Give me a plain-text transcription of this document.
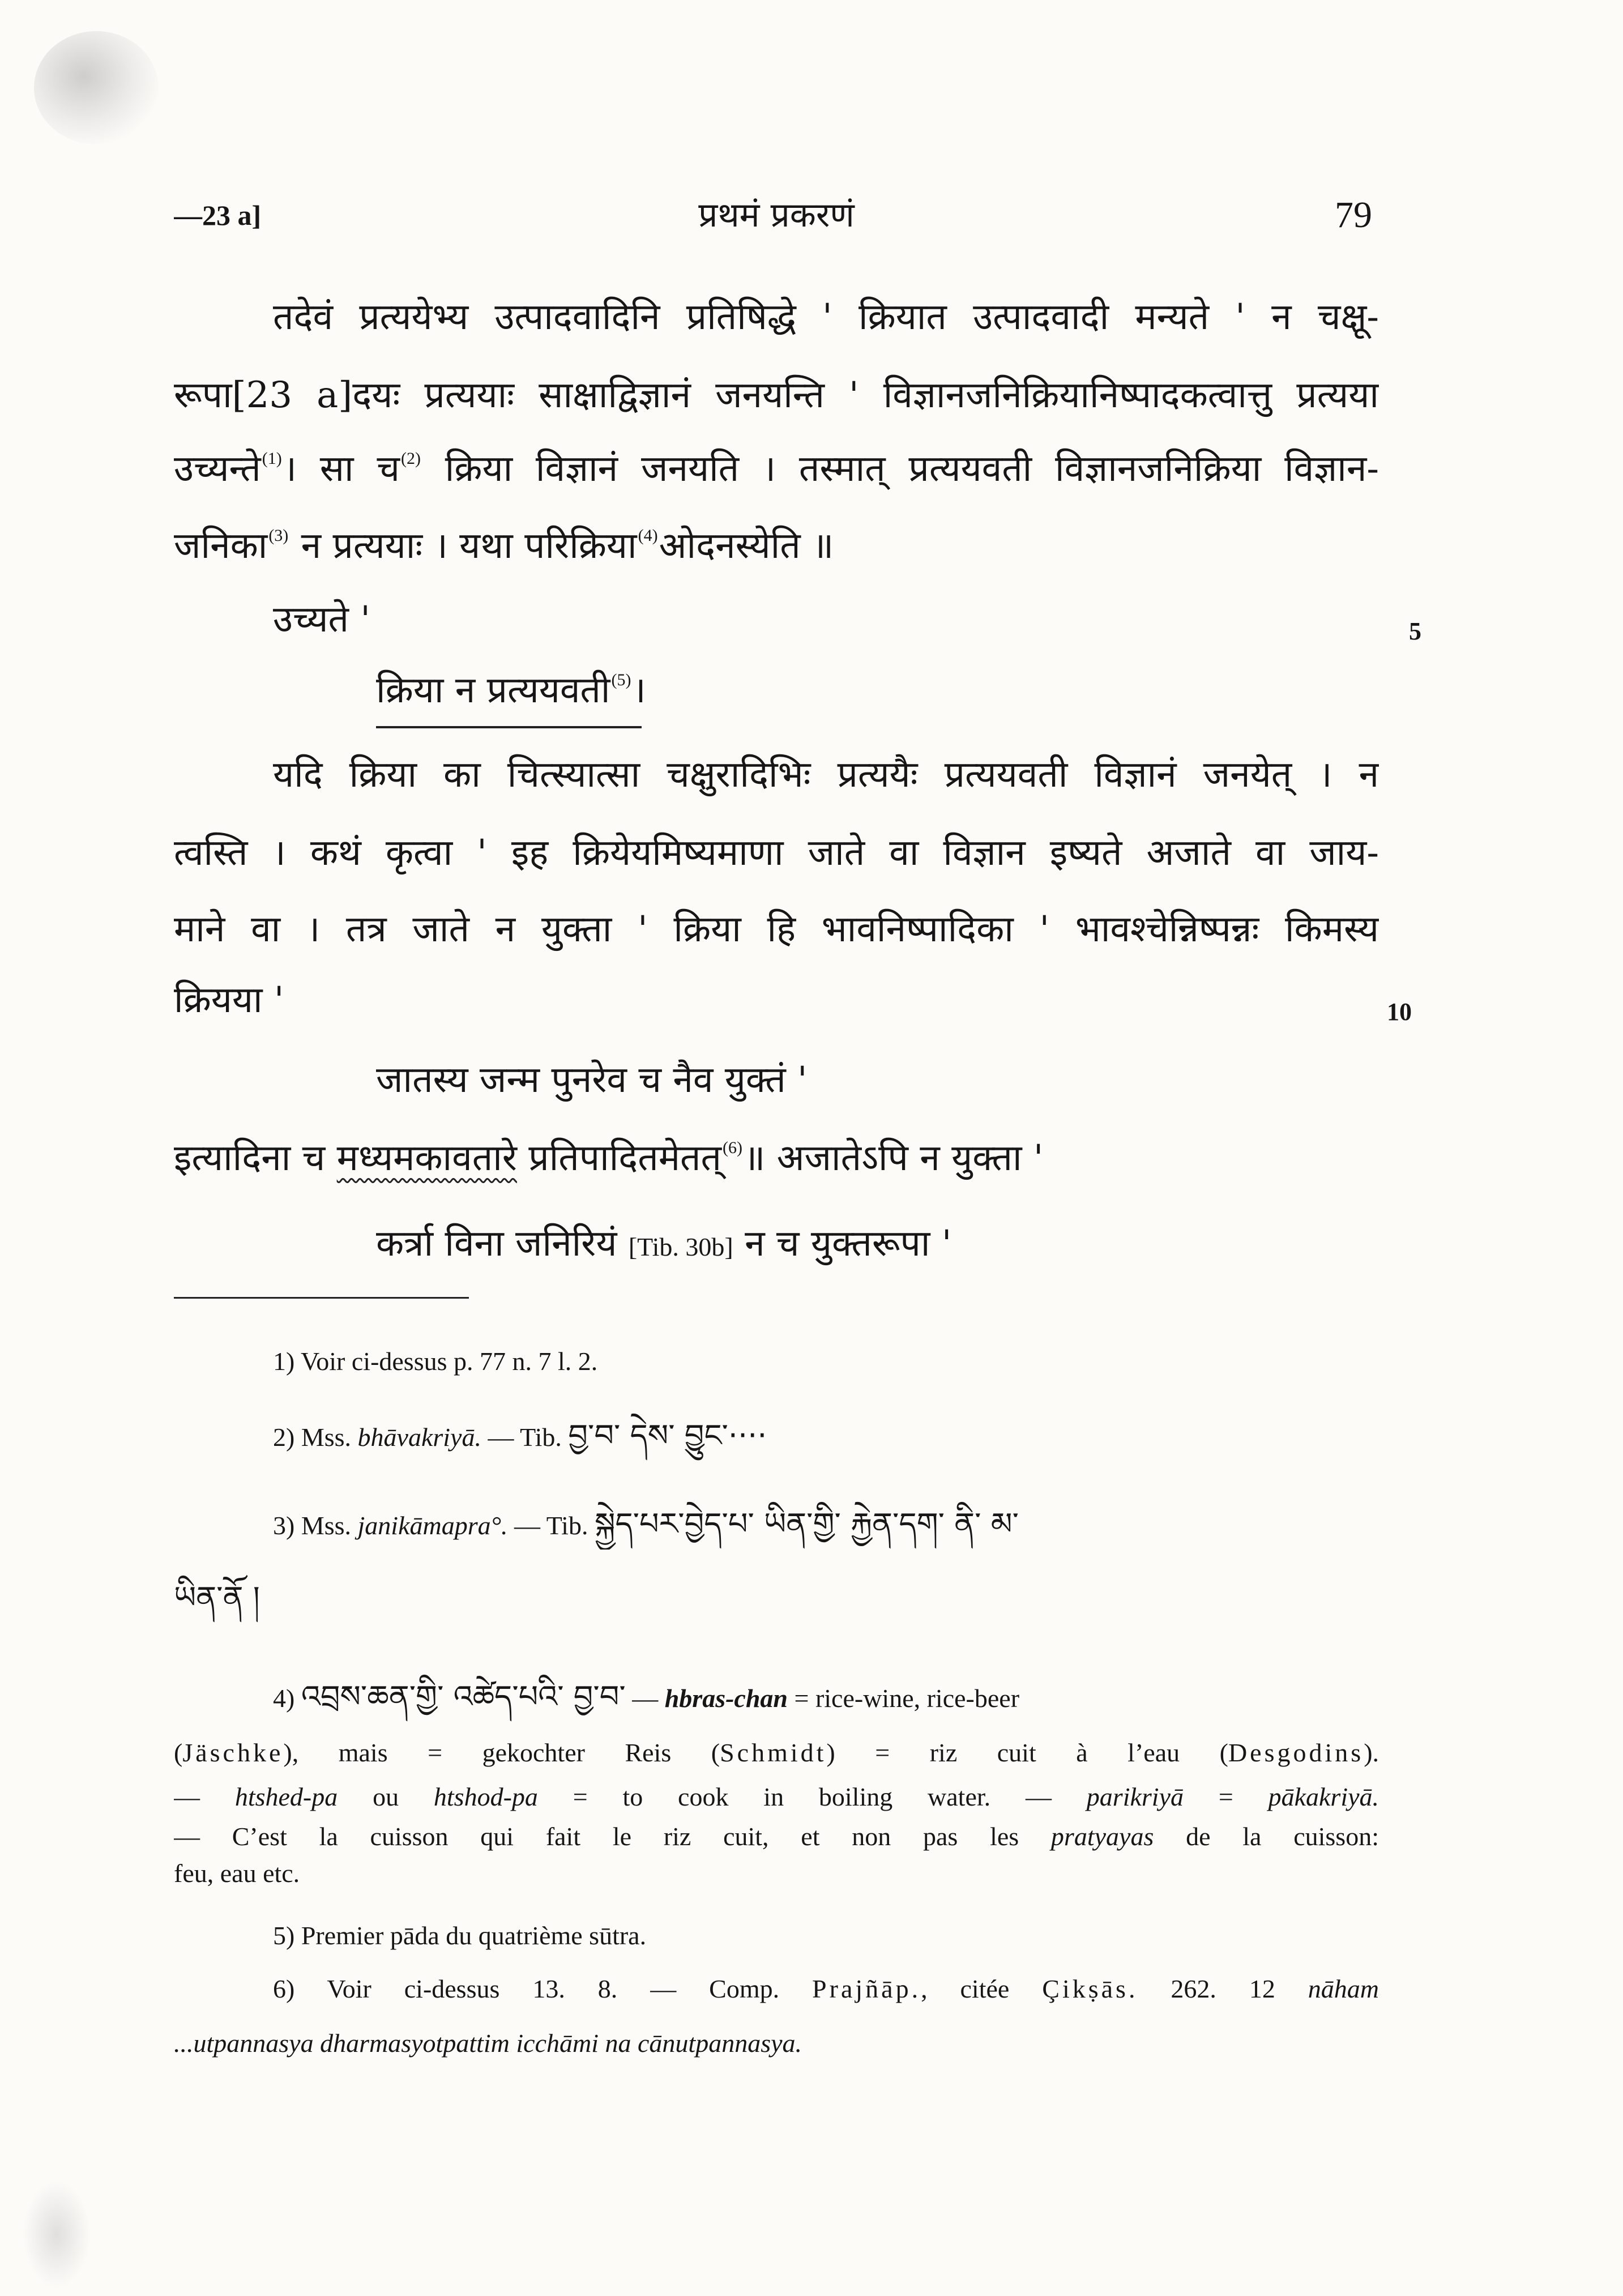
—23 a]	प्रथमं प्रकरणं	79
तदेवं प्रत्ययेभ्य उत्पादवादिनि प्रतिषिद्धे ' क्रियात उत्पादवादी मन्यते ' न चक्षू-
रूपा[23 a]दयः प्रत्ययाः साक्षाद्विज्ञानं जनयन्ति ' विज्ञानजनिक्रियानिष्पादकत्वात्तु प्रत्यया
उच्यन्ते$^{(1)}$। सा च$^{(2)}$ क्रिया विज्ञानं जनयति । तस्मात् प्रत्ययवती विज्ञानजनिक्रिया विज्ञान-
जनिका$^{(3)}$ न प्रत्ययाः । यथा परिक्रिया$^{(4)}$ओदनस्येति ॥
उच्यते '	5
क्रिया न प्रत्ययवती$^{(5)}$।
यदि क्रिया का चित्स्यात्सा चक्षुरादिभिः प्रत्ययैः प्रत्ययवती विज्ञानं जनयेत् । न
त्वस्ति । कथं कृत्वा ' इह क्रियेयमिष्यमाणा जाते वा विज्ञान इष्यते अजाते वा जाय-
माने वा । तत्र जाते न युक्ता ' क्रिया हि भावनिष्पादिका ' भावश्चेन्निष्पन्नः किमस्य
क्रियया '	10
जातस्य जन्म पुनरेव च नैव युक्तं '
इत्यादिना च मध्यमकावतारे प्रतिपादितमेतत्$^{(6)}$॥ अजातेऽपि न युक्ता '
कर्त्रा विना जनिरियं [Tib. 30b] न च युक्तरूपा '
1) Voir ci-dessus p. 77 n. 7 l. 2.
2) Mss. bhāvakriyā. — Tib. བྱ་བ་ དེས་ བྱུང་····
3) Mss. janikāmapra°. — Tib. སྐྱེད་པར་བྱེད་པ་ ཡིན་གྱི་ རྐྱེན་དག་ ནི་ མ་
ཡིན་ནོ །
4) འབྲས་ཆན་གྱི་ འཚེད་པའི་ བྱ་བ་ — hbras-chan = rice-wine, rice-beer
(Jäschke), mais = gekochter Reis (Schmidt) = riz cuit à l’eau (Desgodins).
— htshed-pa ou htshod-pa = to cook in boiling water. — parikriyā = pākakriyā.
— C’est la cuisson qui fait le riz cuit, et non pas les pratyayas de la cuisson:
feu, eau etc.
5) Premier pāda du quatrième sūtra.
6) Voir ci-dessus 13. 8. — Comp. Prajñāp., citée Çikṣās. 262. 12 nāham
...utpannasya dharmasyotpattim icchāmi na cānutpannasya.
